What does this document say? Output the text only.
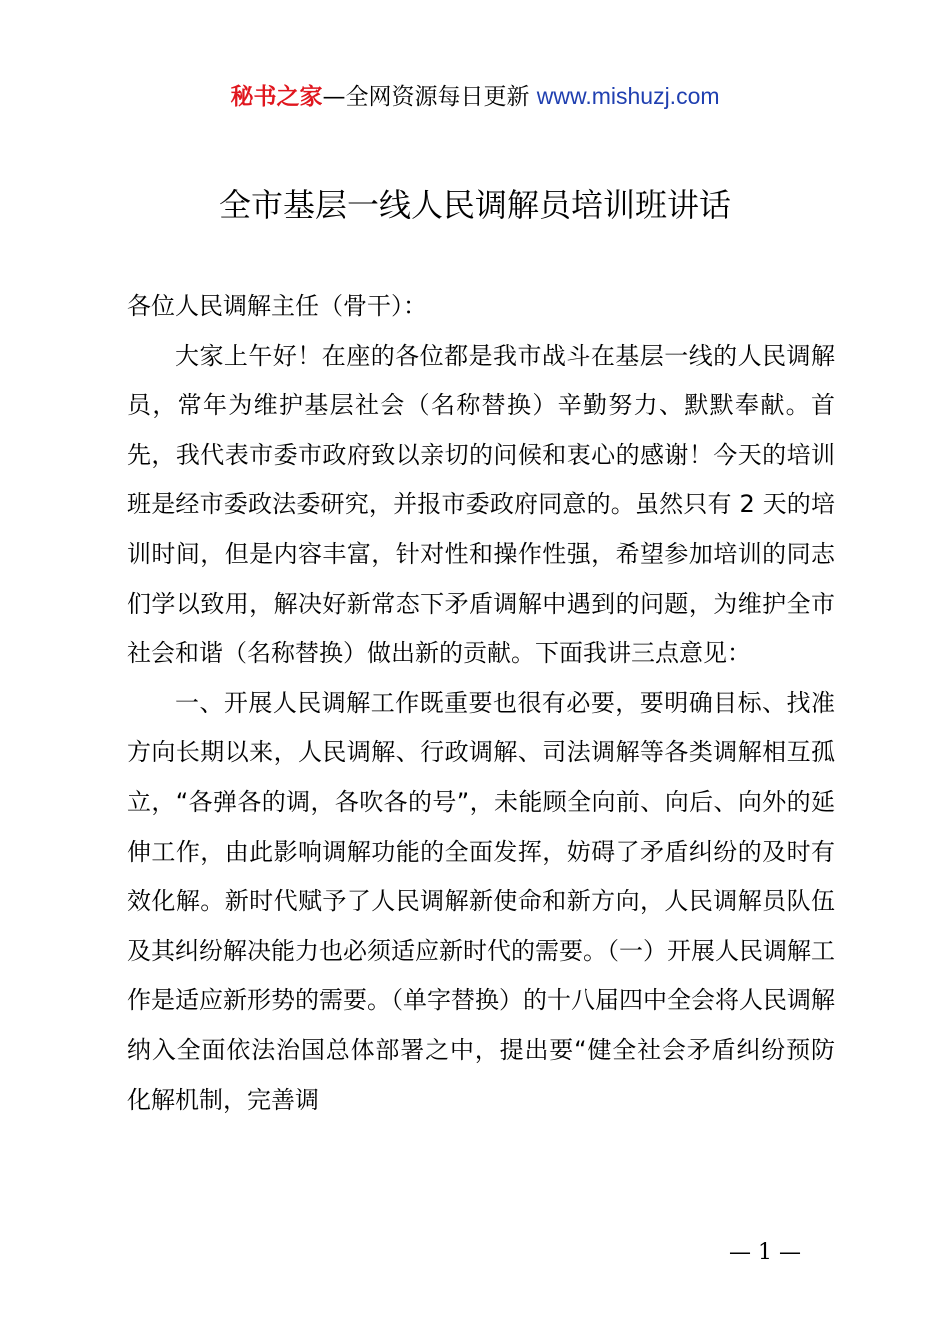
秘书之家—全网资源每日更新 www.mishuzj.com
全市基层一线人民调解员培训班讲话

各位人民调解主任（骨干）：

大家上午好！在座的各位都是我市战斗在基层一线的人民调解员，常年为维护基层社会（名称替换）辛勤努力、默默奉献。首先，我代表市委市政府致以亲切的问候和衷心的感谢！今天的培训班是经市委政法委研究，并报市委政府同意的。虽然只有 2 天的培训时间，但是内容丰富，针对性和操作性强，希望参加培训的同志们学以致用，解决好新常态下矛盾调解中遇到的问题，为维护全市社会和谐（名称替换）做出新的贡献。下面我讲三点意见：

一、开展人民调解工作既重要也很有必要，要明确目标、找准方向长期以来，人民调解、行政调解、司法调解等各类调解相互孤立，“各弹各的调，各吹各的号”，未能顾全向前、向后、向外的延伸工作，由此影响调解功能的全面发挥，妨碍了矛盾纠纷的及时有效化解。新时代赋予了人民调解新使命和新方向，人民调解员队伍及其纠纷解决能力也必须适应新时代的需要。（一）开展人民调解工作是适应新形势的需要。（单字替换）的十八届四中全会将人民调解纳入全面依法治国总体部署之中，提出要“健全社会矛盾纠纷预防化解机制，完善调

— 1 —
